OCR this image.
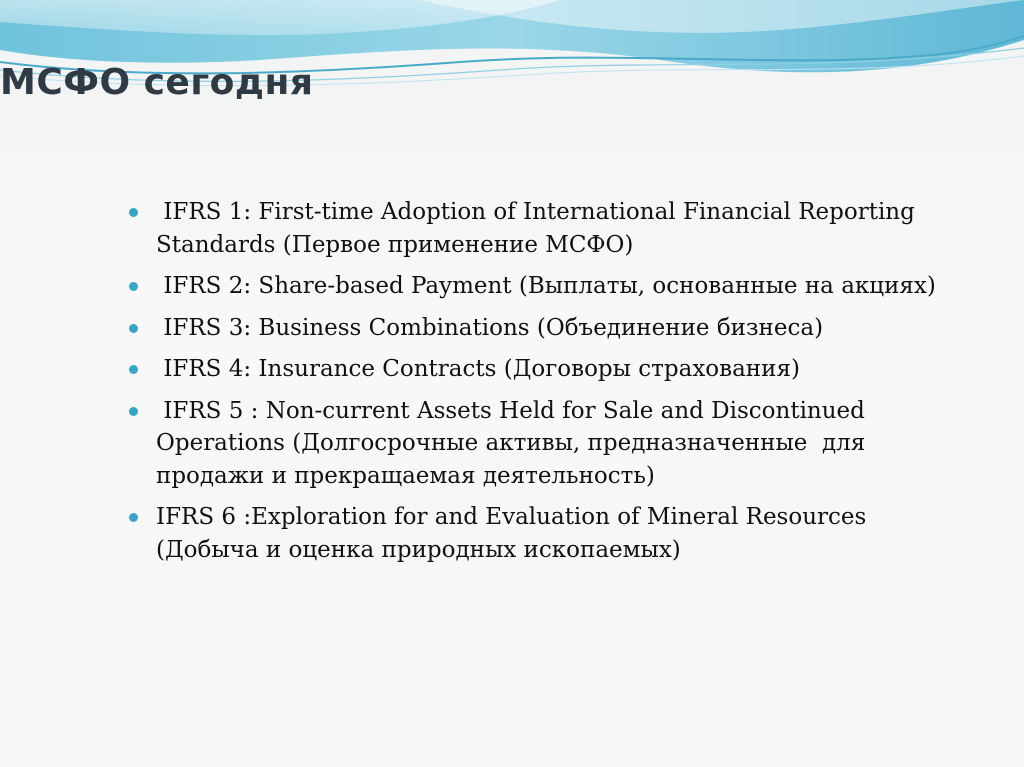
МСФО сегодня
IFRS 1: First-time Adoption of International Financial Reporting Standards (Первое применение МСФО)
IFRS 2: Share-based Payment (Выплаты, основанные на акциях)
IFRS 3: Business Combinations (Объединение бизнеса)
IFRS 4: Insurance Contracts (Договоры страхования)
IFRS 5 : Non-current Assets Held for Sale and Discontinued Operations (Долгосрочные активы, предназначенные  для продажи и прекращаемая деятельность)
IFRS 6 :Exploration for and Evaluation of Mineral Resources (Добыча и оценка природных ископаемых)
